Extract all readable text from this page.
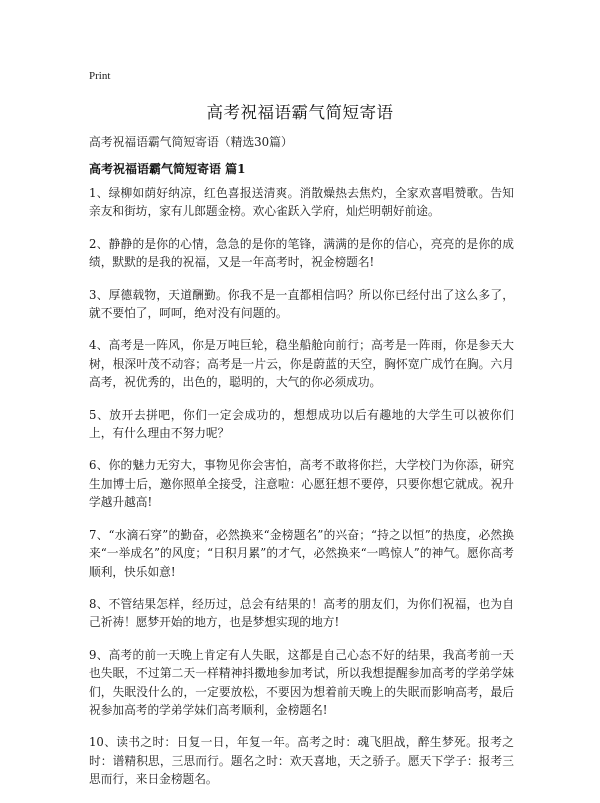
Print
高考祝福语霸气简短寄语

高考祝福语霸气简短寄语（精选30篇）

高考祝福语霸气简短寄语 篇1

1、绿柳如荫好纳凉，红色喜报送清爽。消散燥热去焦灼，全家欢喜唱赞歌。告知亲友和街坊，家有儿郎题金榜。欢心雀跃入学府，灿烂明朝好前途。

2、静静的是你的心情，急急的是你的笔锋，满满的是你的信心，亮亮的是你的成绩，默默的是我的祝福，又是一年高考时，祝金榜题名!

3、厚德载物，天道酬勤。你我不是一直都相信吗？所以你已经付出了这么多了，就不要怕了，呵呵，绝对没有问题的。

4、高考是一阵风，你是万吨巨轮，稳坐船舱向前行；高考是一阵雨，你是参天大树，根深叶茂不动容；高考是一片云，你是蔚蓝的天空，胸怀宽广成竹在胸。六月高考，祝优秀的，出色的，聪明的，大气的你必须成功。

5、放开去拼吧，你们一定会成功的，想想成功以后有趣地的大学生可以被你们上，有什么理由不努力呢？

6、你的魅力无穷大，事物见你会害怕，高考不敢将你拦，大学校门为你添，研究生加博士后，邀你照单全接受，注意啦：心愿狂想不要停，只要你想它就成。祝升学越升越高!

7、“水滴石穿”的勤奋，必然换来“金榜题名”的兴奋；“持之以恒”的热度，必然换来“一举成名”的风度；“日积月累”的才气，必然换来“一鸣惊人”的神气。愿你高考顺利，快乐如意!

8、不管结果怎样，经历过，总会有结果的！高考的朋友们，为你们祝福，也为自己祈祷！愿梦开始的地方，也是梦想实现的地方!

9、高考的前一天晚上肯定有人失眠，这都是自己心态不好的结果，我高考前一天也失眠，不过第二天一样精神抖擞地参加考试，所以我想提醒参加高考的学弟学妹们，失眠没什么的，一定要放松，不要因为想着前天晚上的失眠而影响高考，最后祝参加高考的学弟学妹们高考顺利，金榜题名!

10、读书之时：日复一日，年复一年。高考之时：魂飞胆战，醉生梦死。报考之时：谱精积思，三思而行。题名之时：欢天喜地，天之骄子。愿天下学子：报考三思而行，来日金榜题名。
